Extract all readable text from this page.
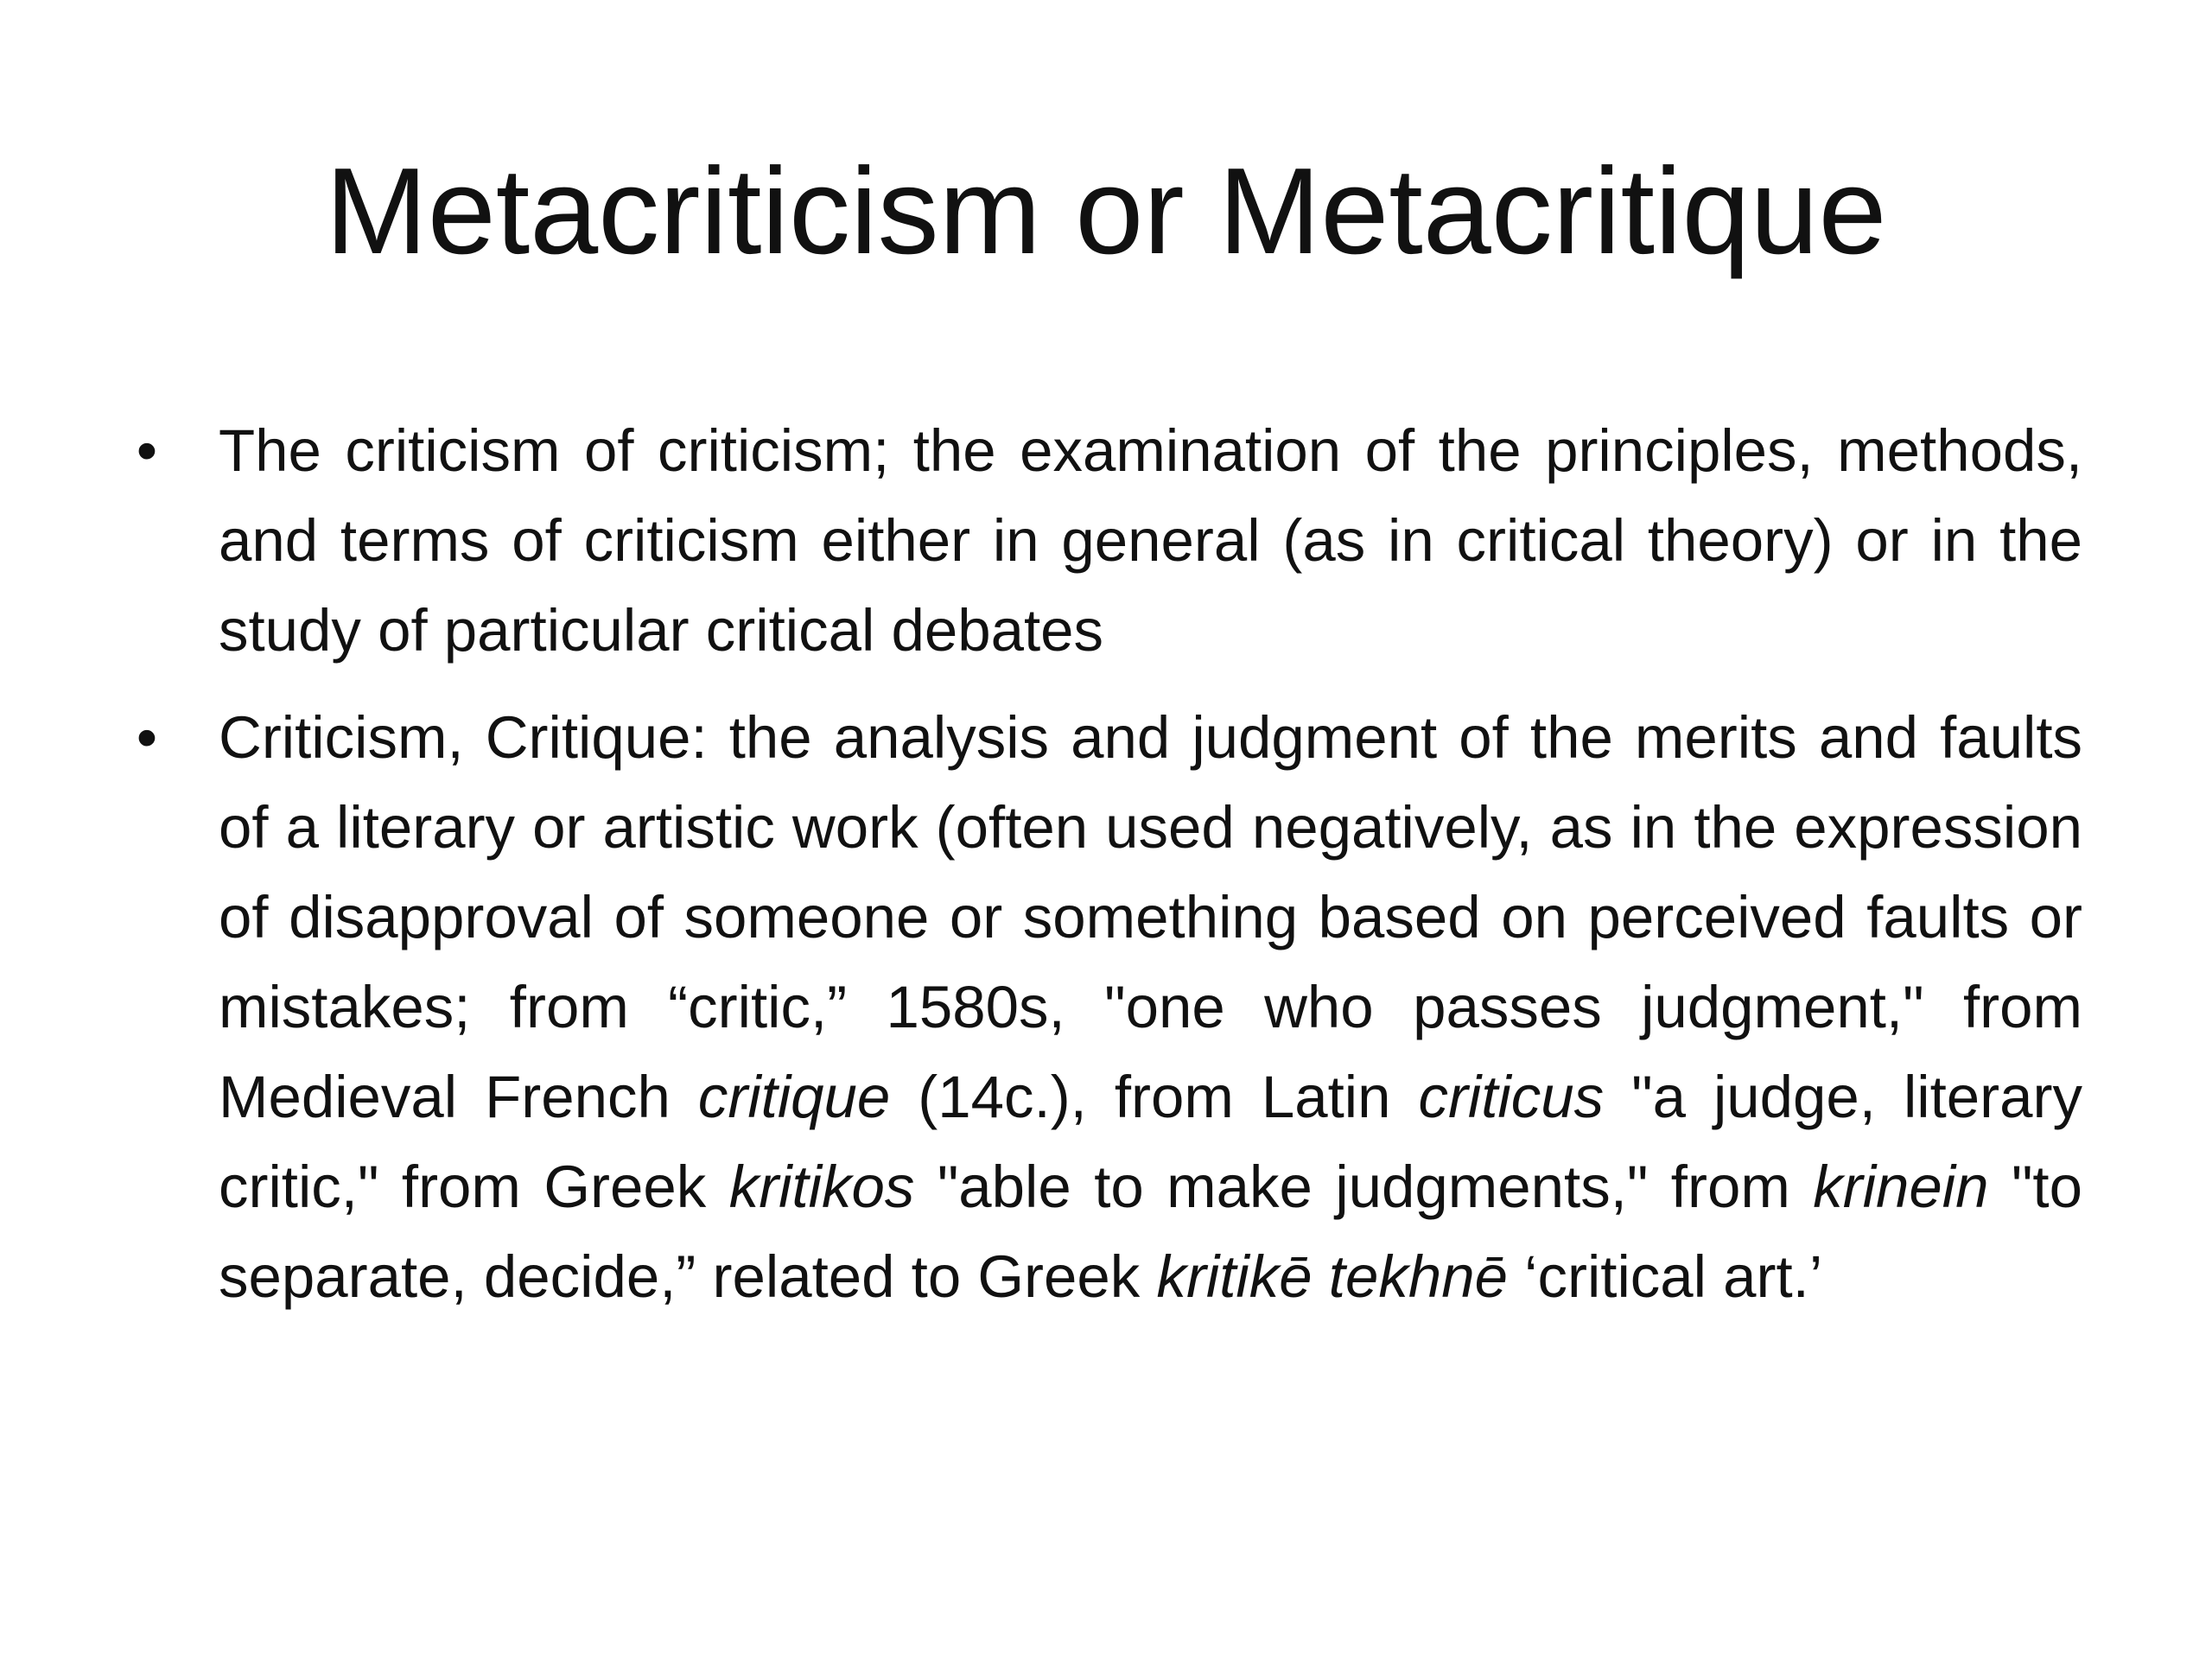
Metacriticism or Metacritique
• The criticism of criticism; the examination of the principles, methods, and terms of criticism either in general (as in critical theory) or in the study of particular critical debates
• Criticism, Critique: the analysis and judgment of the merits and faults of a literary or artistic work (often used negatively, as in the expression of disapproval of someone or something based on perceived faults or mistakes; from “critic,” 1580s, "one who passes judgment," from Medieval French critique (14c.), from Latin criticus "a judge, literary critic," from Greek kritikos "able to make judgments," from krinein "to separate, decide,” related to Greek kritikē tekhnē ‘critical art.’
